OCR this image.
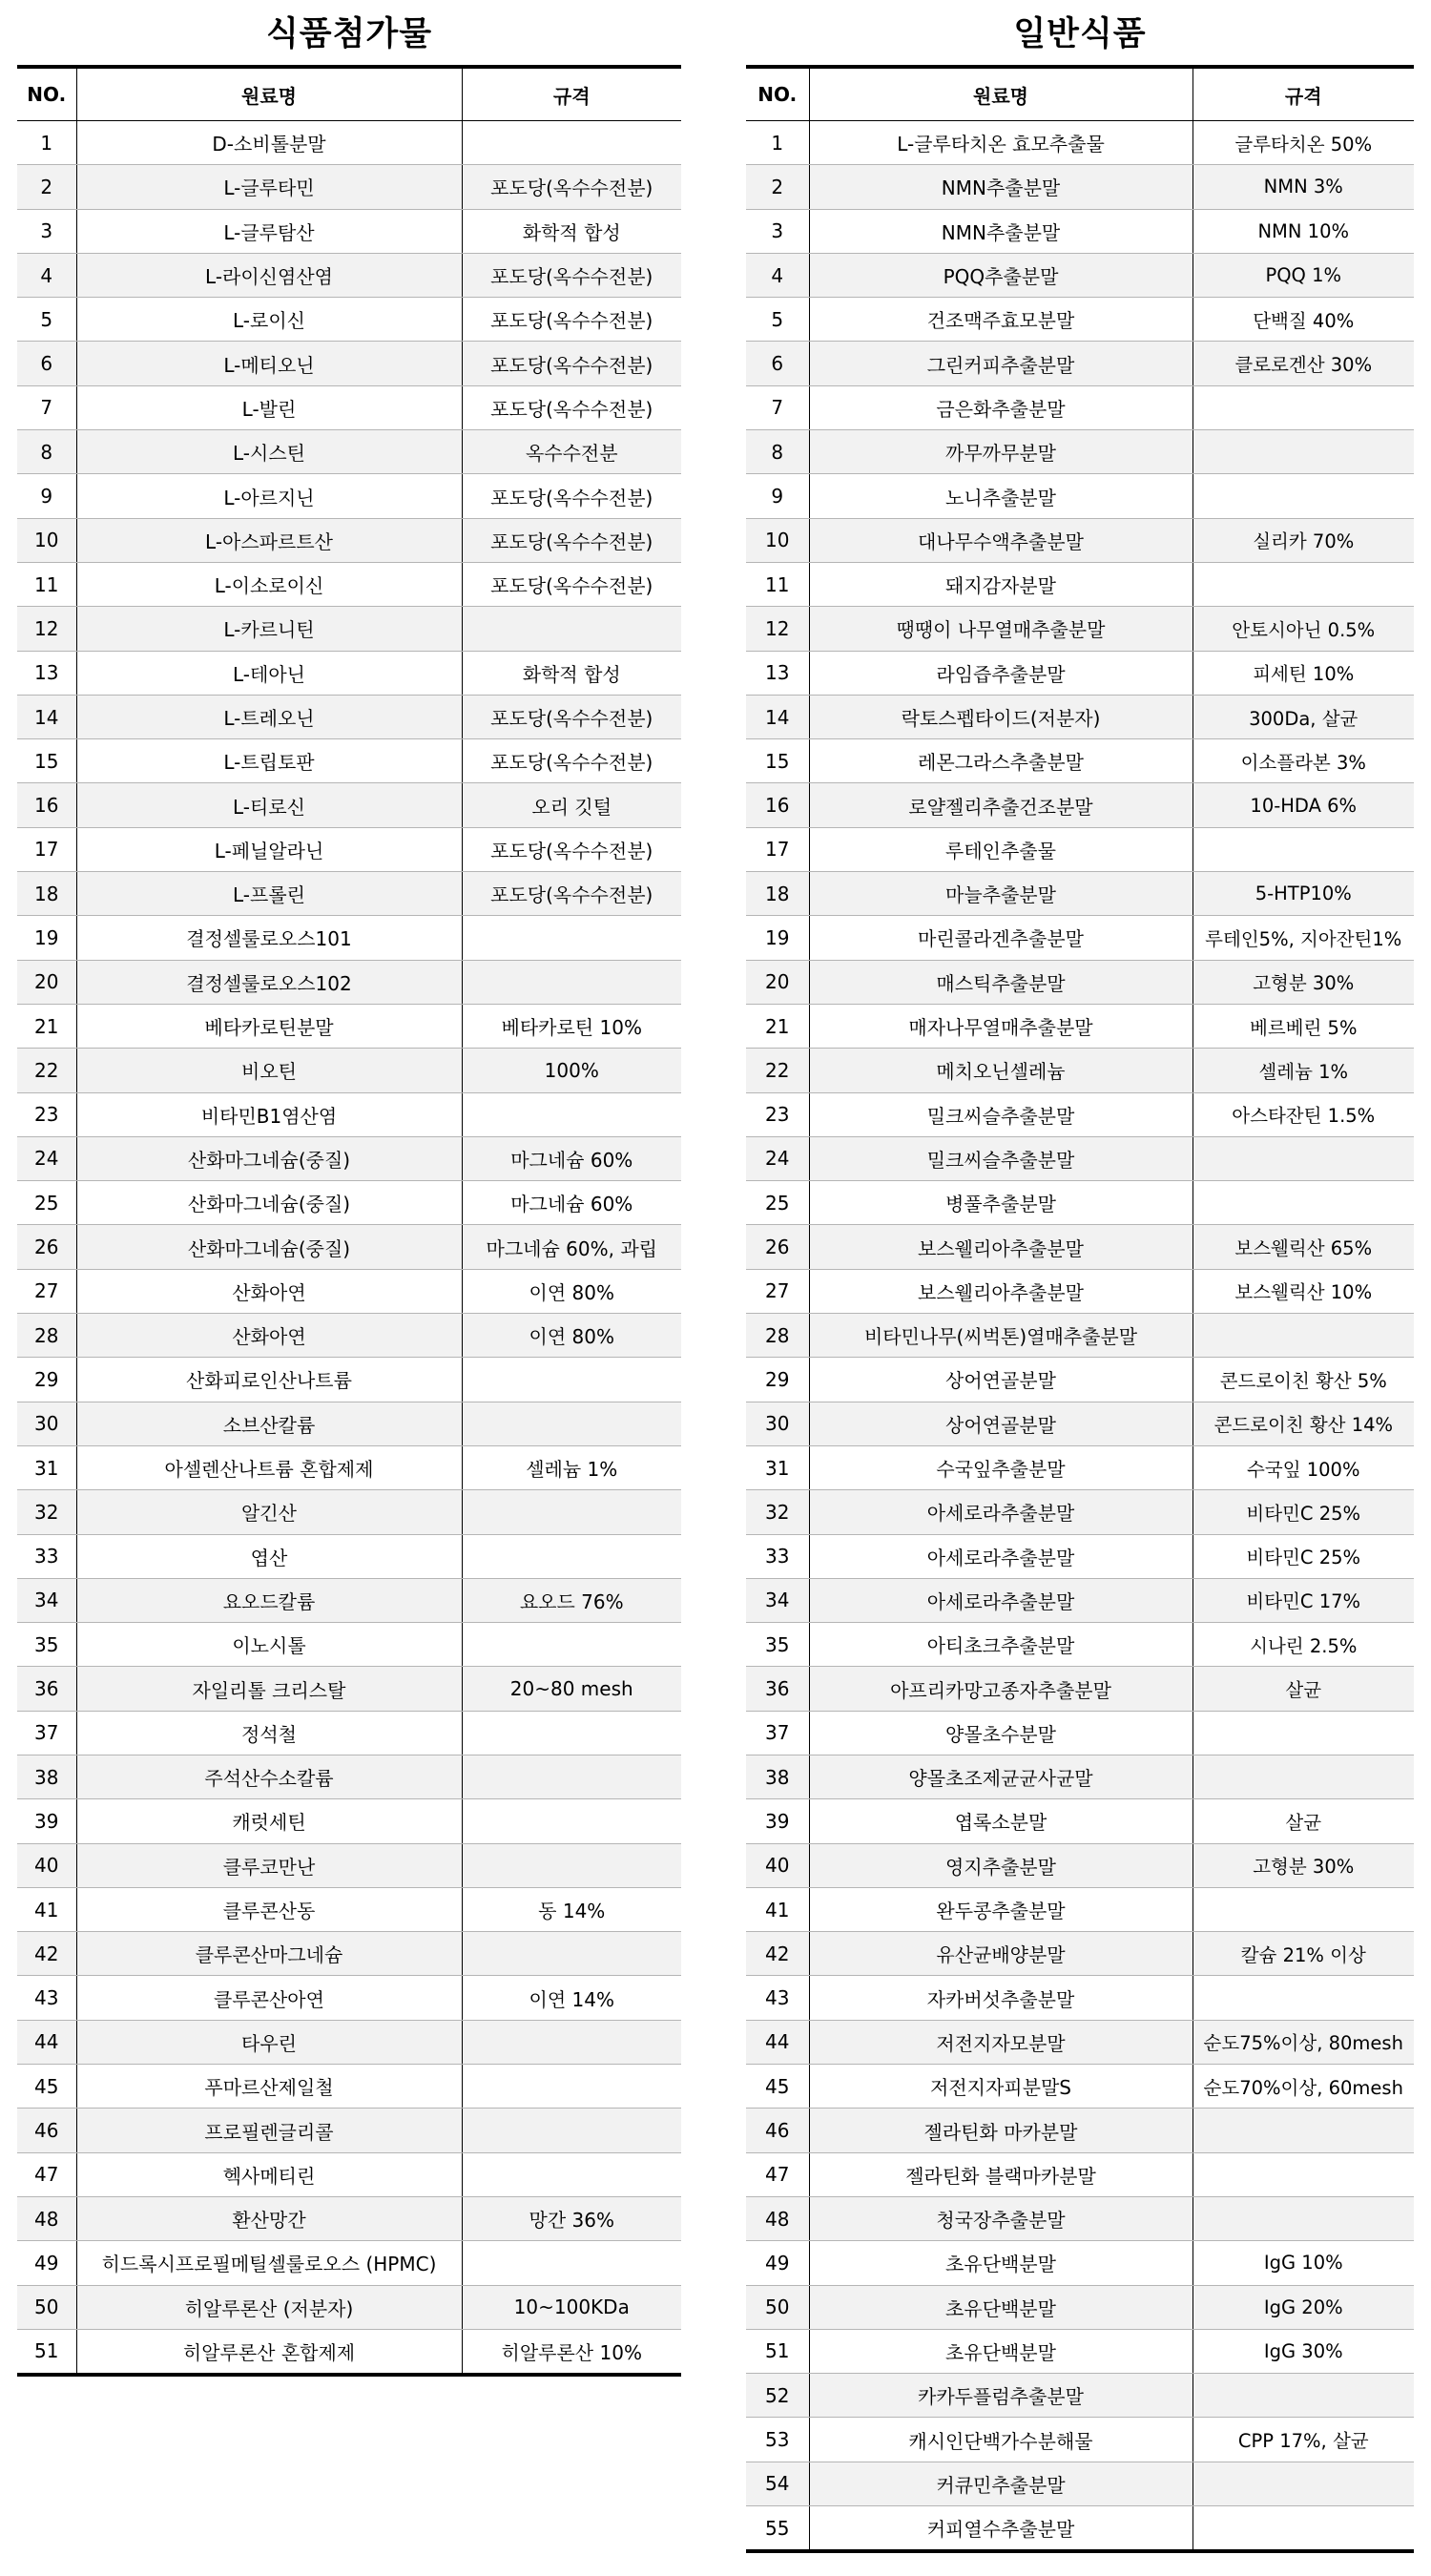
식품첨가물
NO.	원료명	규격
1	D-소비톨분말	
2	L-글루타민	포도당(옥수수전분)
3	L-글루탐산	화학적 합성
4	L-라이신염산염	포도당(옥수수전분)
5	L-로이신	포도당(옥수수전분)
6	L-메티오닌	포도당(옥수수전분)
7	L-발린	포도당(옥수수전분)
8	L-시스틴	옥수수전분
9	L-아르지닌	포도당(옥수수전분)
10	L-아스파르트산	포도당(옥수수전분)
11	L-이소로이신	포도당(옥수수전분)
12	L-카르니틴	
13	L-테아닌	화학적 합성
14	L-트레오닌	포도당(옥수수전분)
15	L-트립토판	포도당(옥수수전분)
16	L-티로신	오리 깃털
17	L-페닐알라닌	포도당(옥수수전분)
18	L-프롤린	포도당(옥수수전분)
19	결정셀룰로오스101	
20	결정셀룰로오스102	
21	베타카로틴분말	베타카로틴 10%
22	비오틴	100%
23	비타민B1염산염	
24	산화마그네슘(중질)	마그네슘 60%
25	산화마그네슘(중질)	마그네슘 60%
26	산화마그네슘(중질)	마그네슘 60%, 과립
27	산화아연	이연 80%
28	산화아연	이연 80%
29	산화피로인산나트륨	
30	소브산칼륨	
31	아셀렌산나트륨 혼합제제	셀레늄 1%
32	알긴산	
33	엽산	
34	요오드칼륨	요오드 76%
35	이노시톨	
36	자일리톨 크리스탈	20~80 mesh
37	정석철	
38	주석산수소칼륨	
39	캐럿세틴	
40	클루코만난	
41	클루콘산동	동 14%
42	클루콘산마그네슘	
43	클루콘산아연	이연 14%
44	타우린	
45	푸마르산제일철	
46	프로필렌글리콜	
47	헥사메티린	
48	환산망간	망간 36%
49	히드록시프로필메틸셀룰로오스 (HPMC)	
50	히알루론산 (저분자)	10~100KDa
51	히알루론산 혼합제제	히알루론산 10%
일반식품
NO.	원료명	규격
1	L-글루타치온 효모추출물	글루타치온 50%
2	NMN추출분말	NMN 3%
3	NMN추출분말	NMN 10%
4	PQQ추출분말	PQQ 1%
5	건조맥주효모분말	단백질 40%
6	그린커피추출분말	클로로겐산 30%
7	금은화추출분말	
8	까무까무분말	
9	노니추출분말	
10	대나무수액추출분말	실리카 70%
11	돼지감자분말	
12	땡땡이 나무열매추출분말	안토시아닌 0.5%
13	라임즙추출분말	피세틴 10%
14	락토스펩타이드(저분자)	300Da, 살균
15	레몬그라스추출분말	이소플라본 3%
16	로얄젤리추출건조분말	10-HDA 6%
17	루테인추출물	
18	마늘추출분말	5-HTP10%
19	마린콜라겐추출분말	루테인5%, 지아잔틴1%
20	매스틱추출분말	고형분 30%
21	매자나무열매추출분말	베르베린 5%
22	메치오닌셀레늄	셀레늄 1%
23	밀크씨슬추출분말	아스타잔틴 1.5%
24	밀크씨슬추출분말	
25	병풀추출분말	
26	보스웰리아추출분말	보스웰릭산 65%
27	보스웰리아추출분말	보스웰릭산 10%
28	비타민나무(씨벅톤)열매추출분말	
29	상어연골분말	콘드로이친 황산 5%
30	상어연골분말	콘드로이친 황산 14%
31	수국잎추출분말	수국잎 100%
32	아세로라추출분말	비타민C 25%
33	아세로라추출분말	비타민C 25%
34	아세로라추출분말	비타민C 17%
35	아티초크추출분말	시나린 2.5%
36	아프리카망고종자추출분말	살균
37	양몰초수분말	
38	양몰초조제균균사균말	
39	엽록소분말	살균
40	영지추출분말	고형분 30%
41	완두콩추출분말	
42	유산균배양분말	칼슘 21% 이상
43	자카버섯추출분말	
44	저전지자모분말	순도75%이상, 80mesh
45	저전지자피분말S	순도70%이상, 60mesh
46	젤라틴화 마카분말	
47	젤라틴화 블랙마카분말	
48	청국장추출분말	
49	초유단백분말	IgG 10%
50	초유단백분말	IgG 20%
51	초유단백분말	IgG 30%
52	카카두플럼추출분말	
53	캐시인단백가수분해물	CPP 17%, 살균
54	커큐민추출분말	
55	커피열수추출분말	
